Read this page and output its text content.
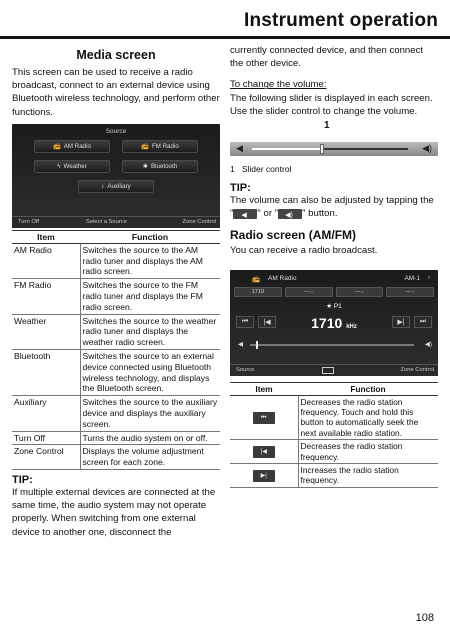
Instrument operation
Media screen

This screen can be used to receive a radio broadcast, connect to an external device using Bluetooth wireless technology, and perform other functions.

Source
📻 AM Radio	📻 FM Radio
ϟ Weather	✱ Bluetooth
♪ Auxiliary
Turn Off	Select a Source	Zone Control
Item	Function
AM Radio	Switches the source to the AM radio tuner and displays the AM radio screen.
FM Radio	Switches the source to the FM radio tuner and displays the FM radio screen.
Weather	Switches the source to the weather radio tuner and displays the weather radio screen.
Bluetooth	Switches the source to an external device connected using Bluetooth wireless technology, and displays the Bluetooth screen.
Auxiliary	Switches the source to the auxiliary device and displays the auxiliary screen.
Turn Off	Turns the audio system on or off.
Zone Control	Displays the volume adjustment screen for each zone.
TIP:

If multiple external devices are connected at the same time, the audio system may not operate properly. When switching from one external device to another one, disconnect the

currently connected device, and then connect the other device.

To change the volume:

The following slider is displayed in each screen.

Use the slider control to change the volume.

1
◀	◀)
1 Slider control
TIP:

The volume can also be adjusted by tapping the " ◀ " or " ◀) " button.

Radio screen (AM/FM)

You can receive a radio broadcast.

📻 AM Radio	AM-1 ›
1710	---.-	---.-	---.-
★ P1
⏮	|◀	1710 kHz
▶|	⏭
◀	◀)
Source	Zone Control
Item	Function
⏮	Decreases the radio station frequency. Touch and hold this button to automatically seek the next available radio station.
|◀	Decreases the radio station frequency.
▶|	Increases the radio station frequency.
108
